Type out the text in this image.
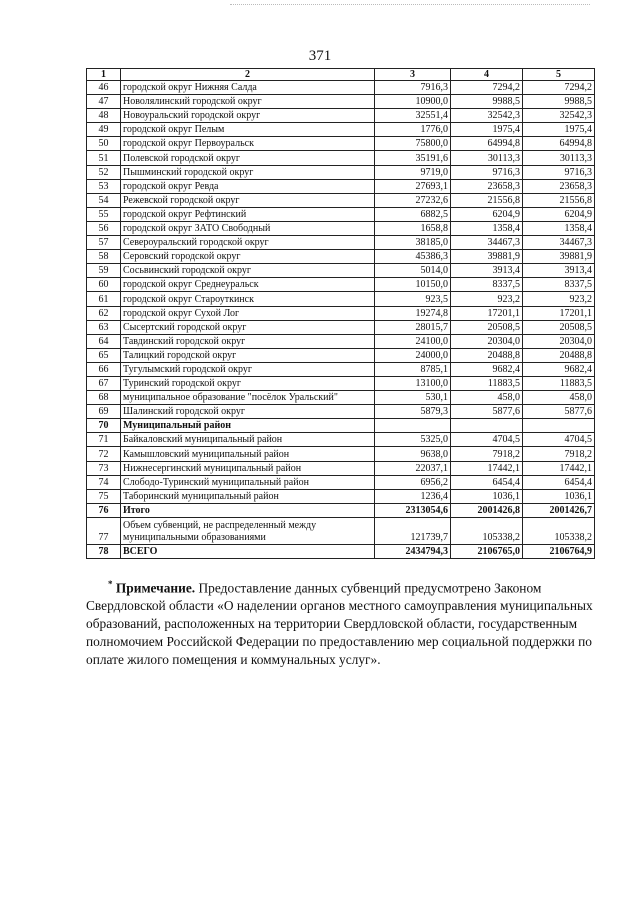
371
1	2	3	4	5
46	городской округ Нижняя Салда	7916,3	7294,2	7294,2
47	Новолялинский городской округ	10900,0	9988,5	9988,5
48	Новоуральский городской округ	32551,4	32542,3	32542,3
49	городской округ Пелым	1776,0	1975,4	1975,4
50	городской округ Первоуральск	75800,0	64994,8	64994,8
51	Полевской городской округ	35191,6	30113,3	30113,3
52	Пышминский городской округ	9719,0	9716,3	9716,3
53	городской округ Ревда	27693,1	23658,3	23658,3
54	Режевской городской округ	27232,6	21556,8	21556,8
55	городской округ Рефтинский	6882,5	6204,9	6204,9
56	городской округ ЗАТО Свободный	1658,8	1358,4	1358,4
57	Североуральский городской округ	38185,0	34467,3	34467,3
58	Серовский городской округ	45386,3	39881,9	39881,9
59	Сосьвинский городской округ	5014,0	3913,4	3913,4
60	городской округ Среднеуральск	10150,0	8337,5	8337,5
61	городской округ Староуткинск	923,5	923,2	923,2
62	городской округ Сухой Лог	19274,8	17201,1	17201,1
63	Сысертский городской округ	28015,7	20508,5	20508,5
64	Тавдинский городской округ	24100,0	20304,0	20304,0
65	Талицкий городской округ	24000,0	20488,8	20488,8
66	Тугулымский городской округ	8785,1	9682,4	9682,4
67	Туринский городской округ	13100,0	11883,5	11883,5
68	муниципальное образование "посёлок Уральский"	530,1	458,0	458,0
69	Шалинский городской округ	5879,3	5877,6	5877,6
70	Муниципальный район			
71	Байкаловский муниципальный район	5325,0	4704,5	4704,5
72	Камышловский муниципальный район	9638,0	7918,2	7918,2
73	Нижнесергинский муниципальный район	22037,1	17442,1	17442,1
74	Слободо-Туринский муниципальный район	6956,2	6454,4	6454,4
75	Таборинский муниципальный район	1236,4	1036,1	1036,1
76	Итого	2313054,6	2001426,8	2001426,7
77	Объем субвенций, не распределенный между муниципальными образованиями	121739,7	105338,2	105338,2
78	ВСЕГО	2434794,3	2106765,0	2106764,9
* Примечание. Предоставление данных субвенций предусмотрено Законом Свердловской области «О наделении органов местного самоуправления муниципальных образований, расположенных на территории Свердловской области, государственным полномочием Российской Федерации по предоставлению мер социальной поддержки по оплате жилого помещения и коммунальных услуг».
